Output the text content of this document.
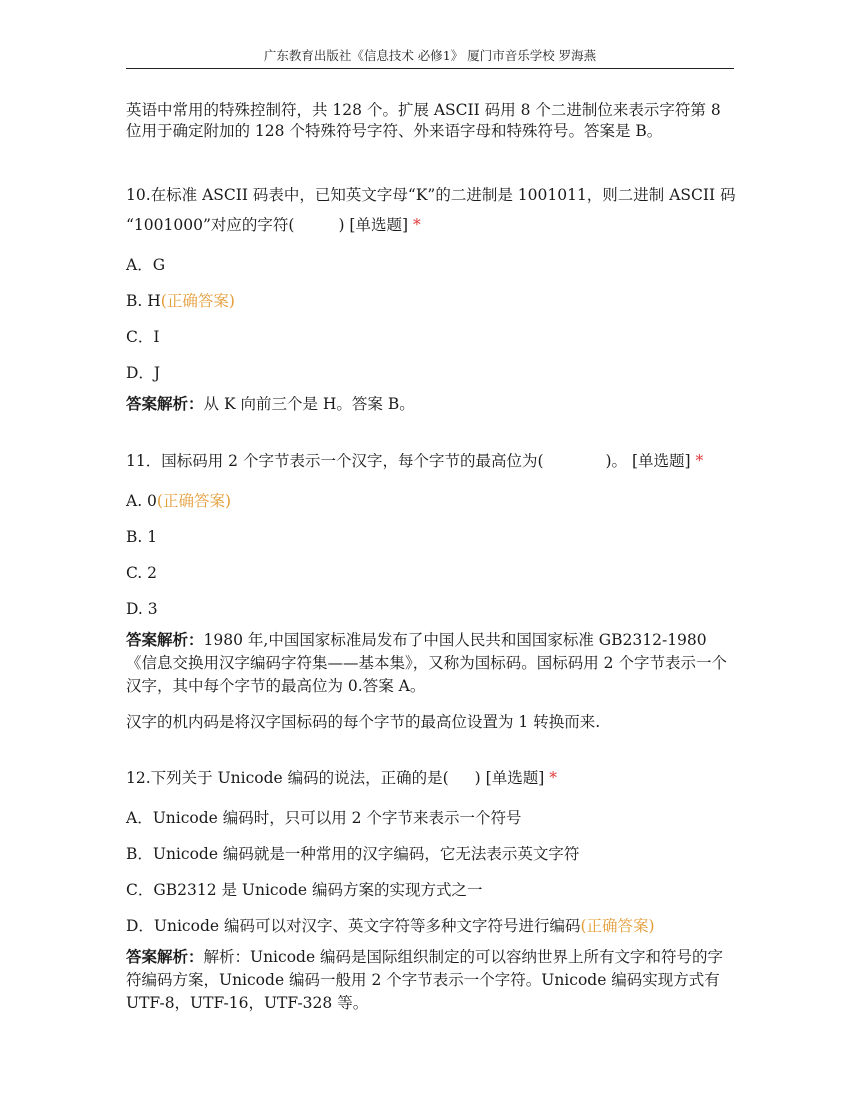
广东教育出版社《信息技术 必修1》 厦门市音乐学校 罗海燕

英语中常用的特殊控制符，共 128 个。扩展 ASCII 码用 8 个二进制位来表示字符第 8 位用于确定附加的 128 个特殊符号字符、外来语字母和特殊符号。答案是 B。

10.在标准 ASCII 码表中，已知英文字母“K”的二进制是 1001011，则二进制 ASCII 码
“1001000”对应的字符(	) [单选题] *

A．G

B. H(正确答案)

C．I

D．J

答案解析：从 K 向前三个是 H。答案 B。

11．国标码用 2 个字节表示一个汉字，每个字节的最高位为(	)。 [单选题] *

A. 0(正确答案)

B. 1

C. 2

D. 3

答案解析：1980 年,中国国家标准局发布了中国人民共和国国家标准 GB2312-1980《信息交换用汉字编码字符集——基本集》，又称为国标码。国标码用 2 个字节表示一个汉字，其中每个字节的最高位为 0.答案 A。

汉字的机内码是将汉字国标码的每个字节的最高位设置为 1 转换而来.

12.下列关于 Unicode 编码的说法，正确的是( ) [单选题] *

A．Unicode 编码时，只可以用 2 个字节来表示一个符号

B．Unicode 编码就是一种常用的汉字编码，它无法表示英文字符

C．GB2312 是 Unicode 编码方案的实现方式之一

D．Unicode 编码可以对汉字、英文字符等多种文字符号进行编码(正确答案)

答案解析：解析：Unicode 编码是国际组织制定的可以容纳世界上所有文字和符号的字符编码方案，Unicode 编码一般用 2 个字节表示一个字符。Unicode 编码实现方式有 UTF-8，UTF-16，UTF-328 等。
